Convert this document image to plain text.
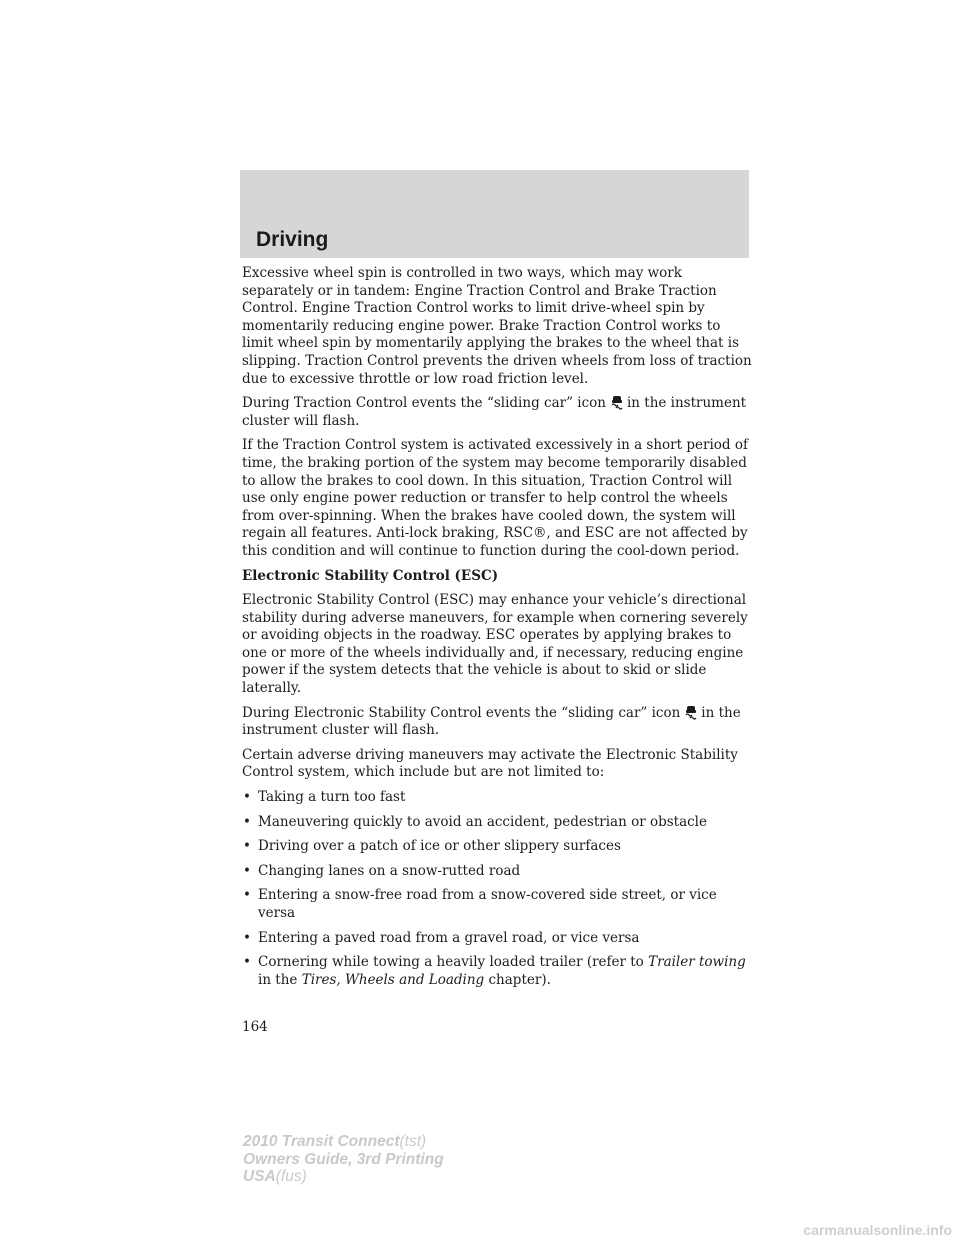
Driving

Excessive wheel spin is controlled in two ways, which may work separately or in tandem: Engine Traction Control and Brake Traction Control. Engine Traction Control works to limit drive-wheel spin by momentarily reducing engine power. Brake Traction Control works to limit wheel spin by momentarily applying the brakes to the wheel that is slipping. Traction Control prevents the driven wheels from loss of traction due to excessive throttle or low road friction level.

During Traction Control events the “sliding car” icon in the instrument cluster will flash.

If the Traction Control system is activated excessively in a short period of time, the braking portion of the system may become temporarily disabled to allow the brakes to cool down. In this situation, Traction Control will use only engine power reduction or transfer to help control the wheels from over-spinning. When the brakes have cooled down, the system will regain all features. Anti-lock braking, RSC®, and ESC are not affected by this condition and will continue to function during the cool-down period.

Electronic Stability Control (ESC)

Electronic Stability Control (ESC) may enhance your vehicle’s directional stability during adverse maneuvers, for example when cornering severely or avoiding objects in the roadway. ESC operates by applying brakes to one or more of the wheels individually and, if necessary, reducing engine power if the system detects that the vehicle is about to skid or slide laterally.

During Electronic Stability Control events the “sliding car” icon in the instrument cluster will flash.

Certain adverse driving maneuvers may activate the Electronic Stability Control system, which include but are not limited to:

• Taking a turn too fast
• Maneuvering quickly to avoid an accident, pedestrian or obstacle
• Driving over a patch of ice or other slippery surfaces
• Changing lanes on a snow-rutted road
• Entering a snow-free road from a snow-covered side street, or vice versa
• Entering a paved road from a gravel road, or vice versa
• Cornering while towing a heavily loaded trailer (refer to Trailer towing in the Tires, Wheels and Loading chapter).
164
2010 Transit Connect(tst)
Owners Guide, 3rd Printing
USA(fus)
carmanualsonline.info
